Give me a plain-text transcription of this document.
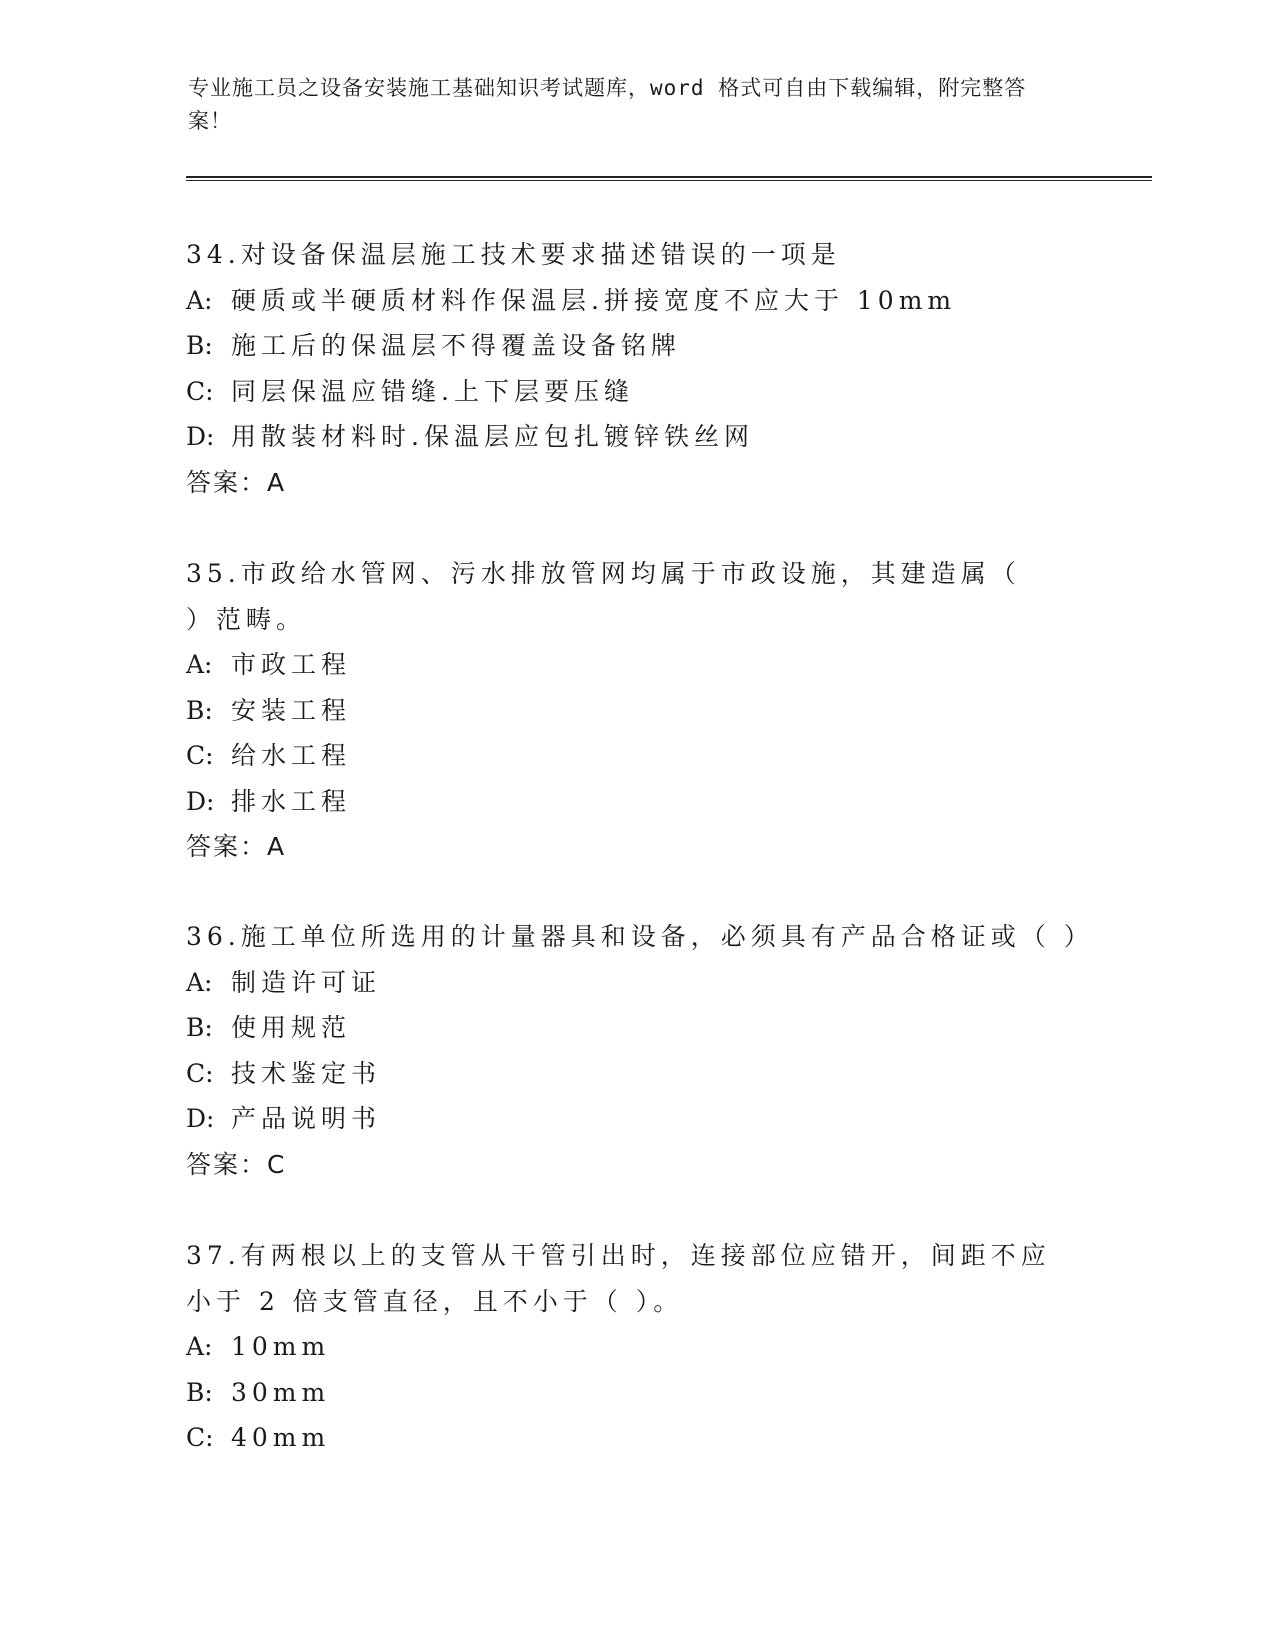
专业施工员之设备安装施工基础知识考试题库，word 格式可自由下载编辑，附完整答案！
34.对设备保温层施工技术要求描述错误的一项是
A: 硬质或半硬质材料作保温层.拼接宽度不应大于 10mm
B: 施工后的保温层不得覆盖设备铭牌
C: 同层保温应错缝.上下层要压缝
D: 用散装材料时.保温层应包扎镀锌铁丝网
答案：A
35.市政给水管网、污水排放管网均属于市政设施，其建造属（ ）范畴。
A: 市政工程
B: 安装工程
C: 给水工程
D: 排水工程
答案：A
36.施工单位所选用的计量器具和设备，必须具有产品合格证或（ ）
A: 制造许可证
B: 使用规范
C: 技术鉴定书
D: 产品说明书
答案：C
37.有两根以上的支管从干管引出时，连接部位应错开，间距不应小于 2 倍支管直径，且不小于（ ）。
A: 10mm
B: 30mm
C: 40mm
